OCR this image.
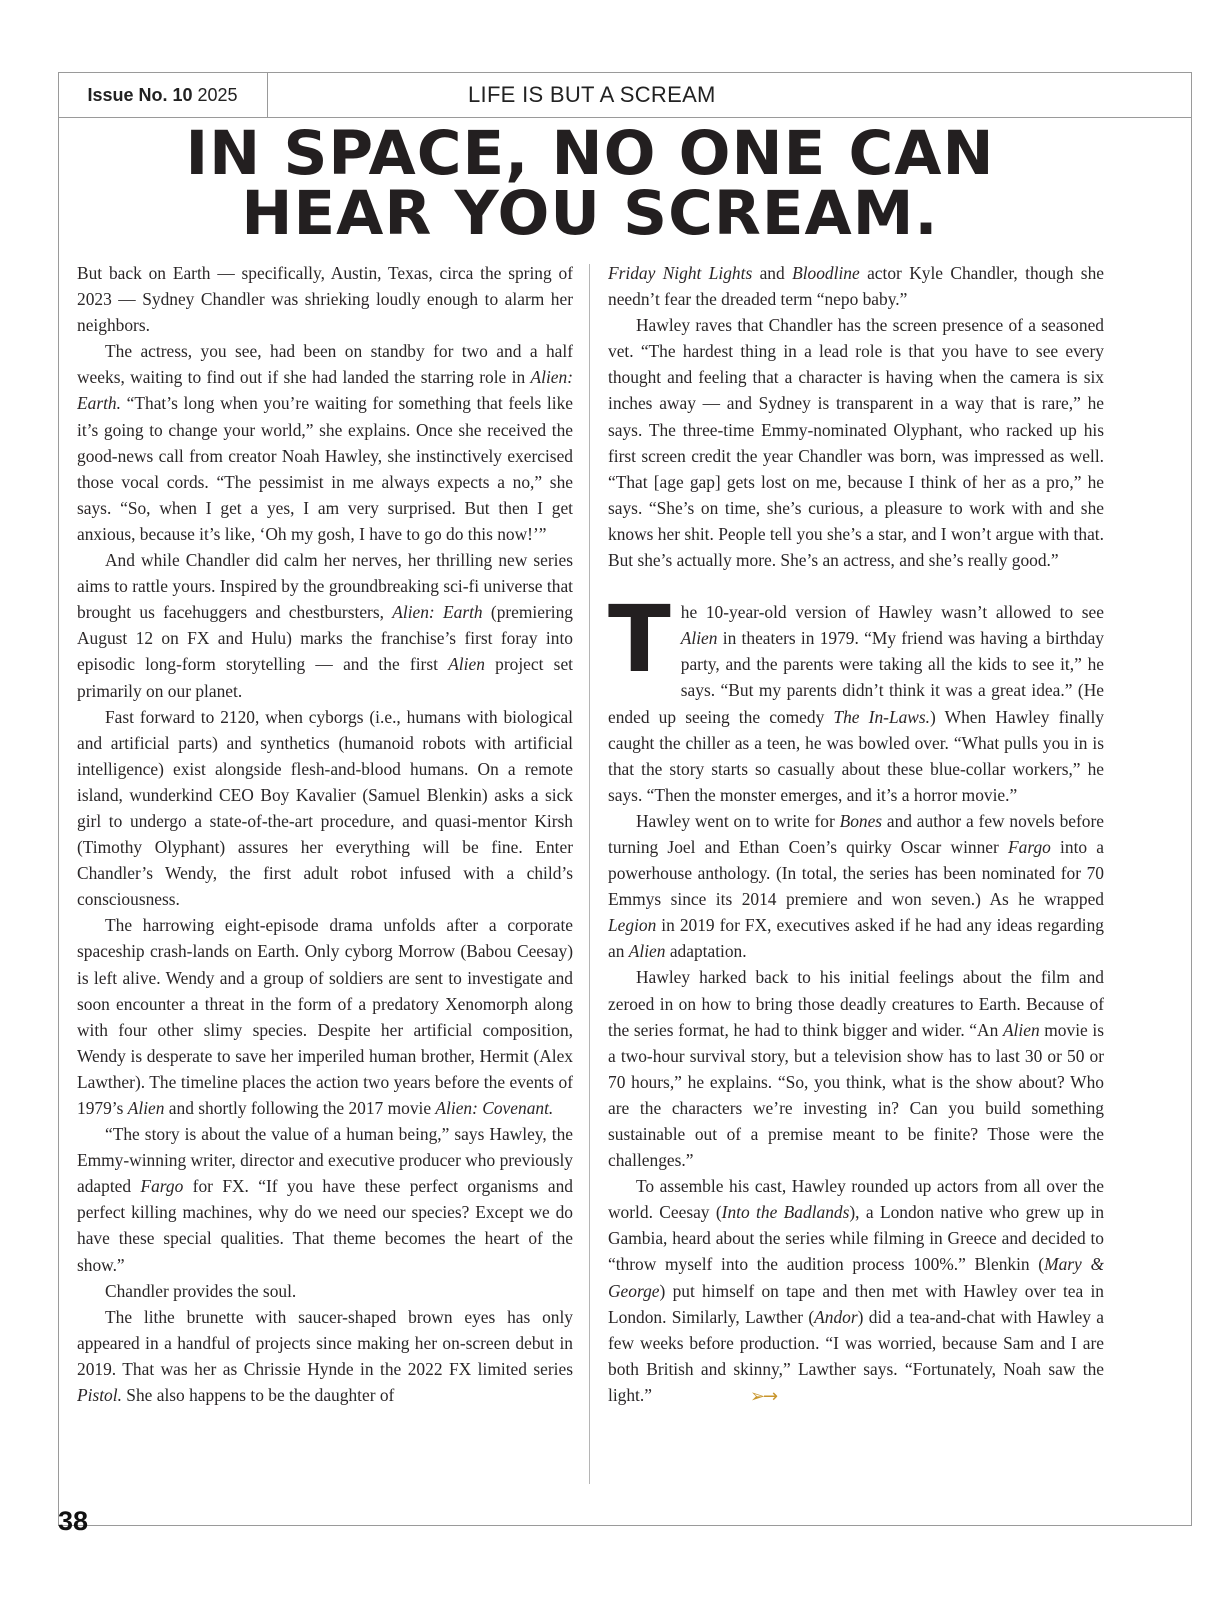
Issue No. 10 2025	LIFE IS BUT A SCREAM
IN SPACE, NO ONE CAN
HEAR YOU SCREAM.

But back on Earth — specifically, Austin, Texas, circa the spring of 2023 — Sydney Chandler was shrieking loudly enough to alarm her neighbors.

The actress, you see, had been on standby for two and a half weeks, waiting to find out if she had landed the starring role in Alien: Earth. “That’s long when you’re waiting for something that feels like it’s going to change your world,” she explains. Once she received the good-news call from creator Noah Hawley, she instinctively exercised those vocal cords. “The pessimist in me always expects a no,” she says. “So, when I get a yes, I am very surprised. But then I get anxious, because it’s like, ‘Oh my gosh, I have to go do this now!’”

And while Chandler did calm her nerves, her thrilling new series aims to rattle yours. Inspired by the groundbreaking sci-fi universe that brought us facehuggers and chestbursters, Alien: Earth (premiering August 12 on FX and Hulu) marks the franchise’s first foray into episodic long-form storytelling — and the first Alien project set primarily on our planet.

Fast forward to 2120, when cyborgs (i.e., humans with biological and artificial parts) and synthetics (humanoid robots with artificial intelligence) exist alongside flesh-and-blood humans. On a remote island, wunderkind CEO Boy Kavalier (Samuel Blenkin) asks a sick girl to undergo a state-of-the-art procedure, and quasi-mentor Kirsh (Timothy Olyphant) assures her everything will be fine. Enter Chandler’s Wendy, the first adult robot infused with a child’s consciousness.

The harrowing eight-episode drama unfolds after a corporate spaceship crash-lands on Earth. Only cyborg Morrow (Babou Ceesay) is left alive. Wendy and a group of soldiers are sent to investigate and soon encounter a threat in the form of a predatory Xenomorph along with four other slimy species. Despite her artificial composition, Wendy is desperate to save her imperiled human brother, Hermit (Alex Lawther). The timeline places the action two years before the events of 1979’s Alien and shortly following the 2017 movie Alien: Covenant.

“The story is about the value of a human being,” says Hawley, the Emmy-winning writer, director and executive producer who previously adapted Fargo for FX. “If you have these perfect organisms and perfect killing machines, why do we need our species? Except we do have these special qualities. That theme becomes the heart of the show.”

Chandler provides the soul.

The lithe brunette with saucer-shaped brown eyes has only appeared in a handful of projects since making her on-screen debut in 2019. That was her as Chrissie Hynde in the 2022 FX limited series Pistol. She also happens to be the daughter of

Friday Night Lights and Bloodline actor Kyle Chandler, though she needn’t fear the dreaded term “nepo baby.”

Hawley raves that Chandler has the screen presence of a seasoned vet. “The hardest thing in a lead role is that you have to see every thought and feeling that a character is having when the camera is six inches away — and Sydney is transparent in a way that is rare,” he says. The three-time Emmy-nominated Olyphant, who racked up his first screen credit the year Chandler was born, was impressed as well. “That [age gap] gets lost on me, because I think of her as a pro,” he says. “She’s on time, she’s curious, a pleasure to work with and she knows her shit. People tell you she’s a star, and I won’t argue with that. But she’s actually more. She’s an actress, and she’s really good.”

The 10-year-old version of Hawley wasn’t allowed to see Alien in theaters in 1979. “My friend was having a birthday party, and the parents were taking all the kids to see it,” he says. “But my parents didn’t think it was a great idea.” (He ended up seeing the comedy The In-Laws.) When Hawley finally caught the chiller as a teen, he was bowled over. “What pulls you in is that the story starts so casually about these blue-collar workers,” he says. “Then the monster emerges, and it’s a horror movie.”

Hawley went on to write for Bones and author a few novels before turning Joel and Ethan Coen’s quirky Oscar winner Fargo into a powerhouse anthology. (In total, the series has been nominated for 70 Emmys since its 2014 premiere and won seven.) As he wrapped Legion in 2019 for FX, executives asked if he had any ideas regarding an Alien adaptation.

Hawley harked back to his initial feelings about the film and zeroed in on how to bring those deadly creatures to Earth. Because of the series format, he had to think bigger and wider. “An Alien movie is a two-hour survival story, but a television show has to last 30 or 50 or 70 hours,” he explains. “So, you think, what is the show about? Who are the characters we’re investing in? Can you build something sustainable out of a premise meant to be finite? Those were the challenges.”

To assemble his cast, Hawley rounded up actors from all over the world. Ceesay (Into the Badlands), a London native who grew up in Gambia, heard about the series while filming in Greece and decided to “throw myself into the audition process 100%.” Blenkin (Mary & George) put himself on tape and then met with Hawley over tea in London. Similarly, Lawther (Andor) did a tea-and-chat with Hawley a few weeks before production. “I was worried, because Sam and I are both British and skinny,” Lawther says. “Fortunately, Noah saw the light.”	➢→

38
